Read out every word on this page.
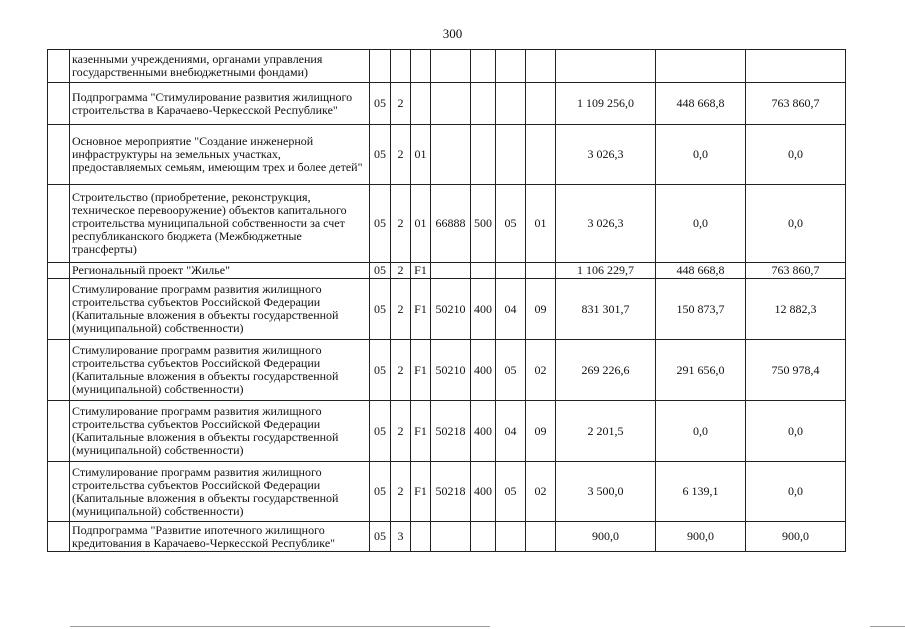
300
	казенными учреждениями, органами управления государственными внебюджетными фондами)										
	Подпрограмма "Стимулирование развития жилищного строительства в Карачаево-Черкесской Республике"	05	2						1 109 256,0	448 668,8	763 860,7
	Основное мероприятие "Создание инженерной инфраструктуры на земельных участках, предоставляемых семьям, имеющим трех и более детей"	05	2	01					3 026,3	0,0	0,0
	Строительство (приобретение, реконструкция, техническое перевооружение) объектов капитального строительства муниципальной собственности за счет республиканского бюджета (Межбюджетные трансферты)	05	2	01	66888	500	05	01	3 026,3	0,0	0,0
	Региональный проект "Жилье"	05	2	F1					1 106 229,7	448 668,8	763 860,7
	Стимулирование программ развития жилищного строительства субъектов Российской Федерации (Капитальные вложения в объекты государственной (муниципальной) собственности)	05	2	F1	50210	400	04	09	831 301,7	150 873,7	12 882,3
	Стимулирование программ развития жилищного строительства субъектов Российской Федерации (Капитальные вложения в объекты государственной (муниципальной) собственности)	05	2	F1	50210	400	05	02	269 226,6	291 656,0	750 978,4
	Стимулирование программ развития жилищного строительства субъектов Российской Федерации (Капитальные вложения в объекты государственной (муниципальной) собственности)	05	2	F1	50218	400	04	09	2 201,5	0,0	0,0
	Стимулирование программ развития жилищного строительства субъектов Российской Федерации (Капитальные вложения в объекты государственной (муниципальной) собственности)	05	2	F1	50218	400	05	02	3 500,0	6 139,1	0,0
	Подпрограмма "Развитие ипотечного жилищного кредитования в Карачаево-Черкесской Республике"	05	3						900,0	900,0	900,0
